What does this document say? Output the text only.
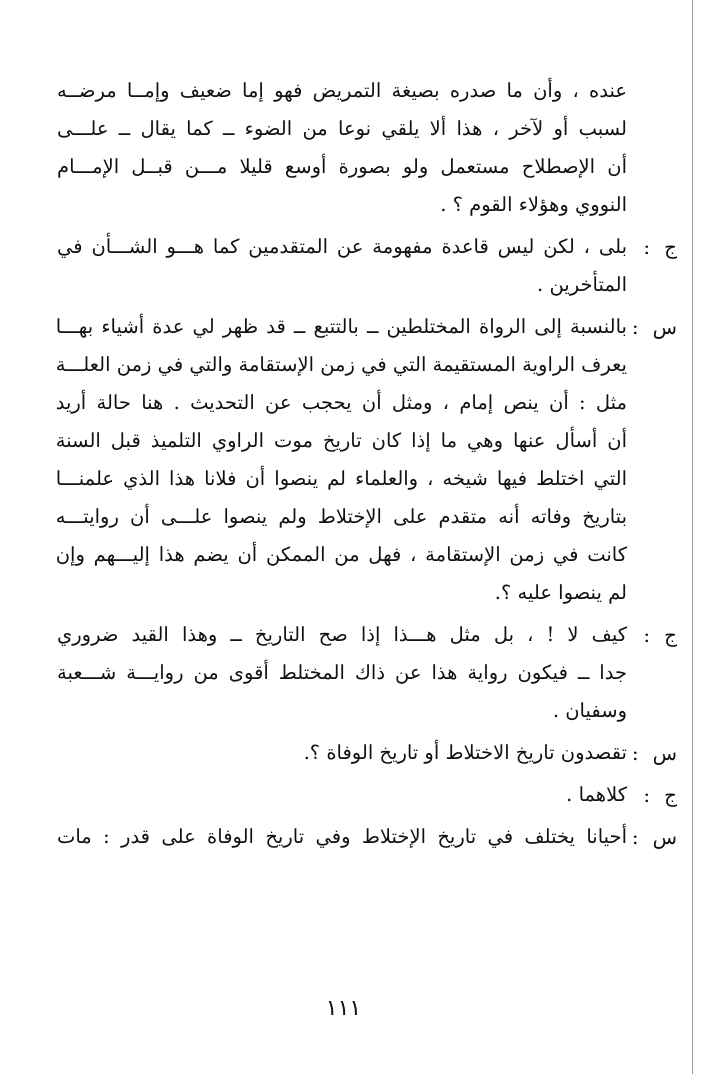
عنده ، وأن ما صدره بصيغة التمريض فهو إما ضعيف وإمــا مرضــه
لسبب أو لآخر ، هذا ألا يلقي نوعا من الضوء ــ كما يقال ــ علـــى
أن الإصطلاح مستعمل ولو بصورة أوسع قليلا مـــن قبــل الإمـــام
النووي وهؤلاء القوم ؟ .
ج:
بلى ، لكن ليس قاعدة مفهومة عن المتقدمين كما هـــو الشـــأن في
المتأخرين .
س:
بالنسبة إلى الرواة المختلطين ــ بالتتبع ــ قد ظهر لي عدة أشياء بهـــا
يعرف الراوية المستقيمة التي في زمن الإستقامة والتي في زمن العلـــة
مثل : أن ينص إمام ، ومثل أن يحجب عن التحديث . هنا حالة أريد
أن أسأل عنها وهي ما إذا كان تاريخ موت الراوي التلميذ قبل السنة
التي اختلط فيها شيخه ، والعلماء لم ينصوا أن فلانا هذا الذي علمنـــا
بتاريخ وفاته أنه متقدم على الإختلاط ولم ينصوا علـــى أن روايتـــه
كانت في زمن الإستقامة ، فهل من الممكن أن يضم هذا إليـــهم وإن
لم ينصوا عليه ؟.
ج:
كيف لا ! ، بل مثل هـــذا إذا صح التاريخ ــ وهذا القيد ضروري
جدا ــ فيكون رواية هذا عن ذاك المختلط أقوى من روايـــة شـــعبة
وسفيان .
س:
تقصدون تاريخ الاختلاط أو تاريخ الوفاة ؟.
ج:
كلاهما .
س:
أحيانا يختلف في تاريخ الإختلاط وفي تاريخ الوفاة على قدر : مات
١١١
